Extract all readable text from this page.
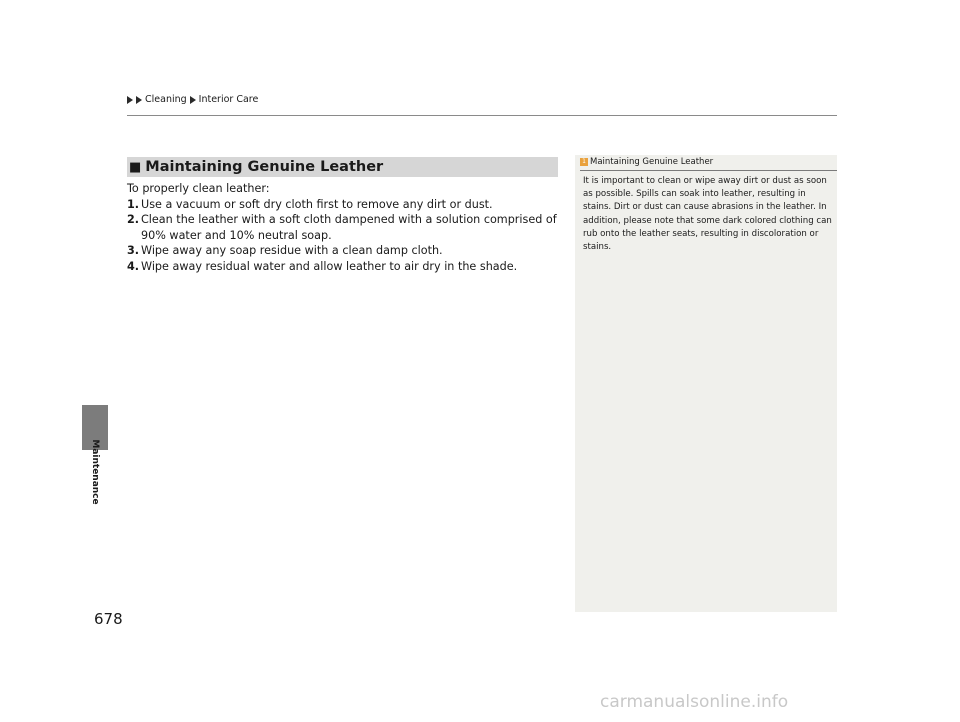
Cleaning Interior Care
Maintenance
678
■ Maintaining Genuine Leather

To properly clean leather:

1. Use a vacuum or soft dry cloth first to remove any dirt or dust.
2. Clean the leather with a soft cloth dampened with a solution comprised of 90% water and 10% neutral soap.
3. Wipe away any soap residue with a clean damp cloth.
4. Wipe away residual water and allow leather to air dry in the shade.
1 Maintaining Genuine Leather
It is important to clean or wipe away dirt or dust as soon as possible. Spills can soak into leather, resulting in stains. Dirt or dust can cause abrasions in the leather. In addition, please note that some dark colored clothing can rub onto the leather seats, resulting in discoloration or stains.
carmanualsonline.info
